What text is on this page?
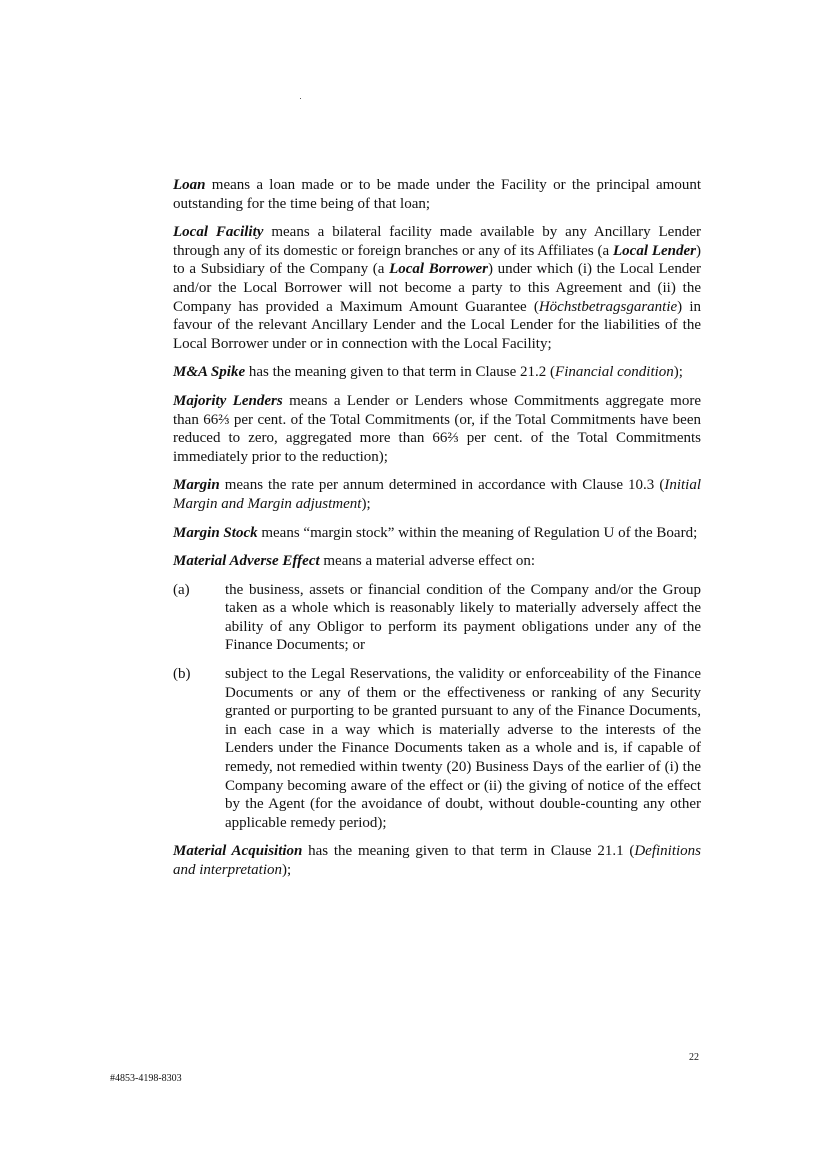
Loan means a loan made or to be made under the Facility or the principal amount outstanding for the time being of that loan;

Local Facility means a bilateral facility made available by any Ancillary Lender through any of its domestic or foreign branches or any of its Affiliates (a Local Lender) to a Subsidiary of the Company (a Local Borrower) under which (i) the Local Lender and/or the Local Borrower will not become a party to this Agreement and (ii) the Company has provided a Maximum Amount Guarantee (Höchstbetragsgarantie) in favour of the relevant Ancillary Lender and the Local Lender for the liabilities of the Local Borrower under or in connection with the Local Facility;

M&A Spike has the meaning given to that term in Clause 21.2 (Financial condition);

Majority Lenders means a Lender or Lenders whose Commitments aggregate more than 66⅔ per cent. of the Total Commitments (or, if the Total Commitments have been reduced to zero, aggregated more than 66⅔ per cent. of the Total Commitments immediately prior to the reduction);

Margin means the rate per annum determined in accordance with Clause 10.3 (Initial Margin and Margin adjustment);

Margin Stock means “margin stock” within the meaning of Regulation U of the Board;

Material Adverse Effect means a material adverse effect on:

(a)	the business, assets or financial condition of the Company and/or the Group taken as a whole which is reasonably likely to materially adversely affect the ability of any Obligor to perform its payment obligations under any of the Finance Documents; or
(b)	subject to the Legal Reservations, the validity or enforceability of the Finance Documents or any of them or the effectiveness or ranking of any Security granted or purporting to be granted pursuant to any of the Finance Documents, in each case in a way which is materially adverse to the interests of the Lenders under the Finance Documents taken as a whole and is, if capable of remedy, not remedied within twenty (20) Business Days of the earlier of (i) the Company becoming aware of the effect or (ii) the giving of notice of the effect by the Agent (for the avoidance of doubt, without double-counting any other applicable remedy period);

Material Acquisition has the meaning given to that term in Clause 21.1 (Definitions and interpretation);

22
#4853-4198-8303
